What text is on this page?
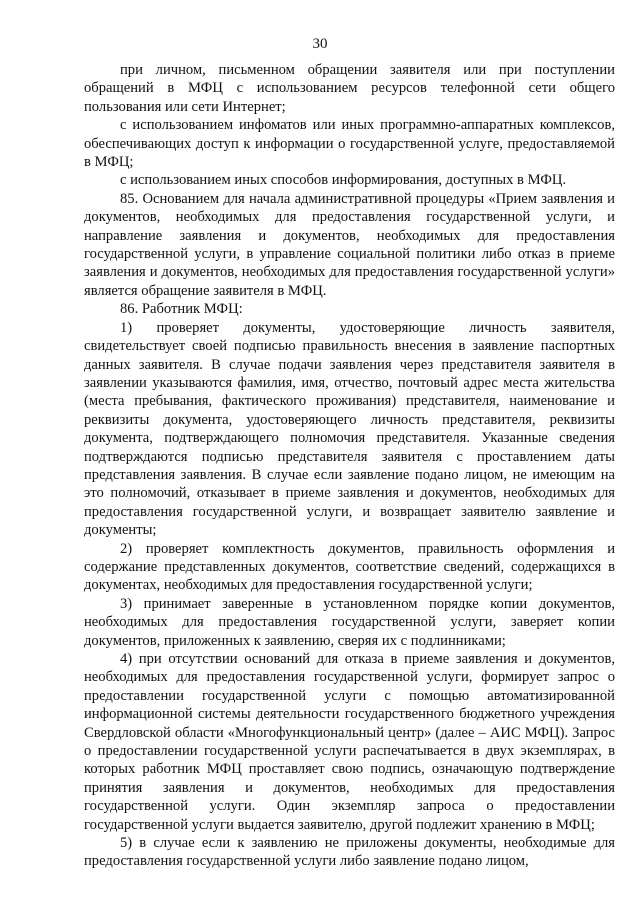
30

при личном, письменном обращении заявителя или при поступлении обращений в МФЦ с использованием ресурсов телефонной сети общего пользования или сети Интернет;

с использованием инфоматов или иных программно-аппаратных комплексов, обеспечивающих доступ к информации о государственной услуге, предоставляемой в МФЦ;

с использованием иных способов информирования, доступных в МФЦ.

85. Основанием для начала административной процедуры «Прием заявления и документов, необходимых для предоставления государственной услуги, и направление заявления и документов, необходимых для предоставления государственной услуги, в управление социальной политики либо отказ в приеме заявления и документов, необходимых для предоставления государственной услуги» является обращение заявителя в МФЦ.

86. Работник МФЦ:

1) проверяет документы, удостоверяющие личность заявителя, свидетельствует своей подписью правильность внесения в заявление паспортных данных заявителя. В случае подачи заявления через представителя заявителя в заявлении указываются фамилия, имя, отчество, почтовый адрес места жительства (места пребывания, фактического проживания) представителя, наименование и реквизиты документа, удостоверяющего личность представителя, реквизиты документа, подтверждающего полномочия представителя. Указанные сведения подтверждаются подписью представителя заявителя с проставлением даты представления заявления. В случае если заявление подано лицом, не имеющим на это полномочий, отказывает в приеме заявления и документов, необходимых для предоставления государственной услуги, и возвращает заявителю заявление и документы;

2) проверяет комплектность документов, правильность оформления и содержание представленных документов, соответствие сведений, содержащихся в документах, необходимых для предоставления государственной услуги;

3) принимает заверенные в установленном порядке копии документов, необходимых для предоставления государственной услуги, заверяет копии документов, приложенных к заявлению, сверяя их с подлинниками;

4) при отсутствии оснований для отказа в приеме заявления и документов, необходимых для предоставления государственной услуги, формирует запрос о предоставлении государственной услуги с помощью автоматизированной информационной системы деятельности государственного бюджетного учреждения Свердловской области «Многофункциональный центр» (далее – АИС МФЦ). Запрос о предоставлении государственной услуги распечатывается в двух экземплярах, в которых работник МФЦ проставляет свою подпись, означающую подтверждение принятия заявления и документов, необходимых для предоставления государственной услуги. Один экземпляр запроса о предоставлении государственной услуги выдается заявителю, другой подлежит хранению в МФЦ;

5) в случае если к заявлению не приложены документы, необходимые для предоставления государственной услуги либо заявление подано лицом,
